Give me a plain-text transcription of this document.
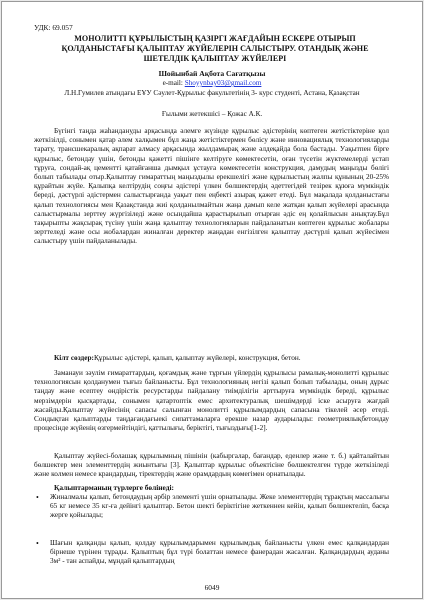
УДК: 69.057
МОНОЛИТТІ ҚҰРЫЛЫСТЫҢ ҚАЗІРГІ ЖАҒДАЙЫН ЕСКЕРЕ ОТЫРЫП ҚОЛДАНЫСТАҒЫ ҚАЛЫПТАУ ЖҮЙЕЛЕРІН САЛЫСТЫРУ. ОТАНДЫҚ ЖӘНЕ ШЕТЕЛДІК ҚАЛЫПТАУ ЖҮЙЕЛЕРІ
Шойынбай Ақбота Сағатқызы
e-mail: Shoyynbay03@gmail.com
Л.Н.Гумилев атындағы ЕҰУ Сәулет-Құрылыс факультетінің 3- курс студенті, Астана, Қазақстан
Ғылыми жетекшісі – Қожас А.К.
Бүгінгі таңда жаһандануды арқасында әлемге жүзінде құрылыс әдістерінің көптеген жетістіктеріне қол жеткізілді, сонымен қатар әлем халқымен бұл жаңа жетістіктермен бөлісу және инновациялық технологияларды тарату, трансшекаралық ақпарат алмасу арқасында жылдамырақ және әлдеқайда бола бастады. Уақытпен бірге құрылыс, бетондау үшін, бетонды қажетті пішінге келтіруге көмектесетін, оған түсетін жүктемелерді ұстап тұруға, сондай-ақ цементті қатайғанша дымқыл ұстауға көмектесетін конструкция, дамудың маңызды бөлігі болып табылады отыр.Қалыптау гимараттың маңыздылы ерекшелігі және құрылыстың жалпы құнының 20-25% құрайтын жүйе. Қалыпқа келтірудің соңғы әдістері үлкен бөлшектердің әдеттегідей тезірек құюға мүмкіндік береді, дәстүрлі әдістермен салыстырғанда уақыт пен еңбекті азырақ қажет етеді. Бұл мақалада қолданыстағы қалып технологиясы мен Қазақстанда жиі қолданылмайтын жаңа дамып келе жатқан қалып жүйелері арасында салыстырмалы зерттеу жүргізіледі және осындайша қарастырылып отырған әдіс ең қолайлысын анықтау.Бұл тақырыпты жақсырақ түсіну үшін жаңа қалыптау технологияларын пайдаланатын көптеген құрылыс жобалары зерттеледі және осы жобалардан жиналған деректер жаңадан енгізілген қалыптау дәстүрлі қалып жүйесімен салыстыру үшін пайдаланылады.
Кілт сөздер:Құрылыс әдістері, қалып, қалыптау жүйелері, конструкция, бетон.
Заманауи зәулім ғимараттардың, қоғамдық және тұрғын үйлердің құрылысы рамалық-монолитті құрылыс технологиясын қолданумен тығыз байланысты. Бұл технологияның негізі қалып болып табылады, оның дұрыс таңдау және есептеу өндірістік ресурстарды пайдалану тиімділігін арттыруға мүмкіндік береді, құрылыс мерзімдерін қысқартады, сонымен қатартоптік емес архитектуралық шешімдерді іске асыруға жағдай жасайды.Қалыптау жүйесінің сапасы салынған монолитті құрылымдардың сапасына тікелей әсер етеді. Сондықтан қалыптарды таңдағандағыекі сипаттамаларға ерекше назар аударылады: геометриялықбетондау процесінде жүйенің өзгермейтіндігі, қаттылығы, беріктігі, тығыздығы[1-2].
Қалыптау жүйесі-болашақ құрылымның пішінін (кабыргалар, бағандар, еденлер және т. б.) қайталайтын бөлшектер мен элементтердің жиынтығы [3]. Қалыптар құрылыс объектісіне бөлшектелген түрде жеткізіледі және колмен немесе крандардың, тіректердің және орамдардың көмегімен орнатылады.
Қалыптарманың түрлерге бөлінеді:
• Жиналмалы қалып, бетондаудың әрбір элементі үшін орнатылады. Жеке элементтердің тұрақтың массалығы 65 кг немесе 35 кг-ға дейінгі қалыптар. Бетон шекті беріктігіне жеткеннен кейін, қалып бөлшектеліп, басқа жерге қойылады;
• Шағын қалқанды қалып, қолдау құрылымдарымен құрылымдық байланысты үлкен емес қалқандардан бірнеше түрінен тұрады. Қалыптың бұл түрі болаттан немесе фанерадан жасалған. Қалқандардың ауданы 3м² - тан аспайды, мұндай қалыптардың
6049
